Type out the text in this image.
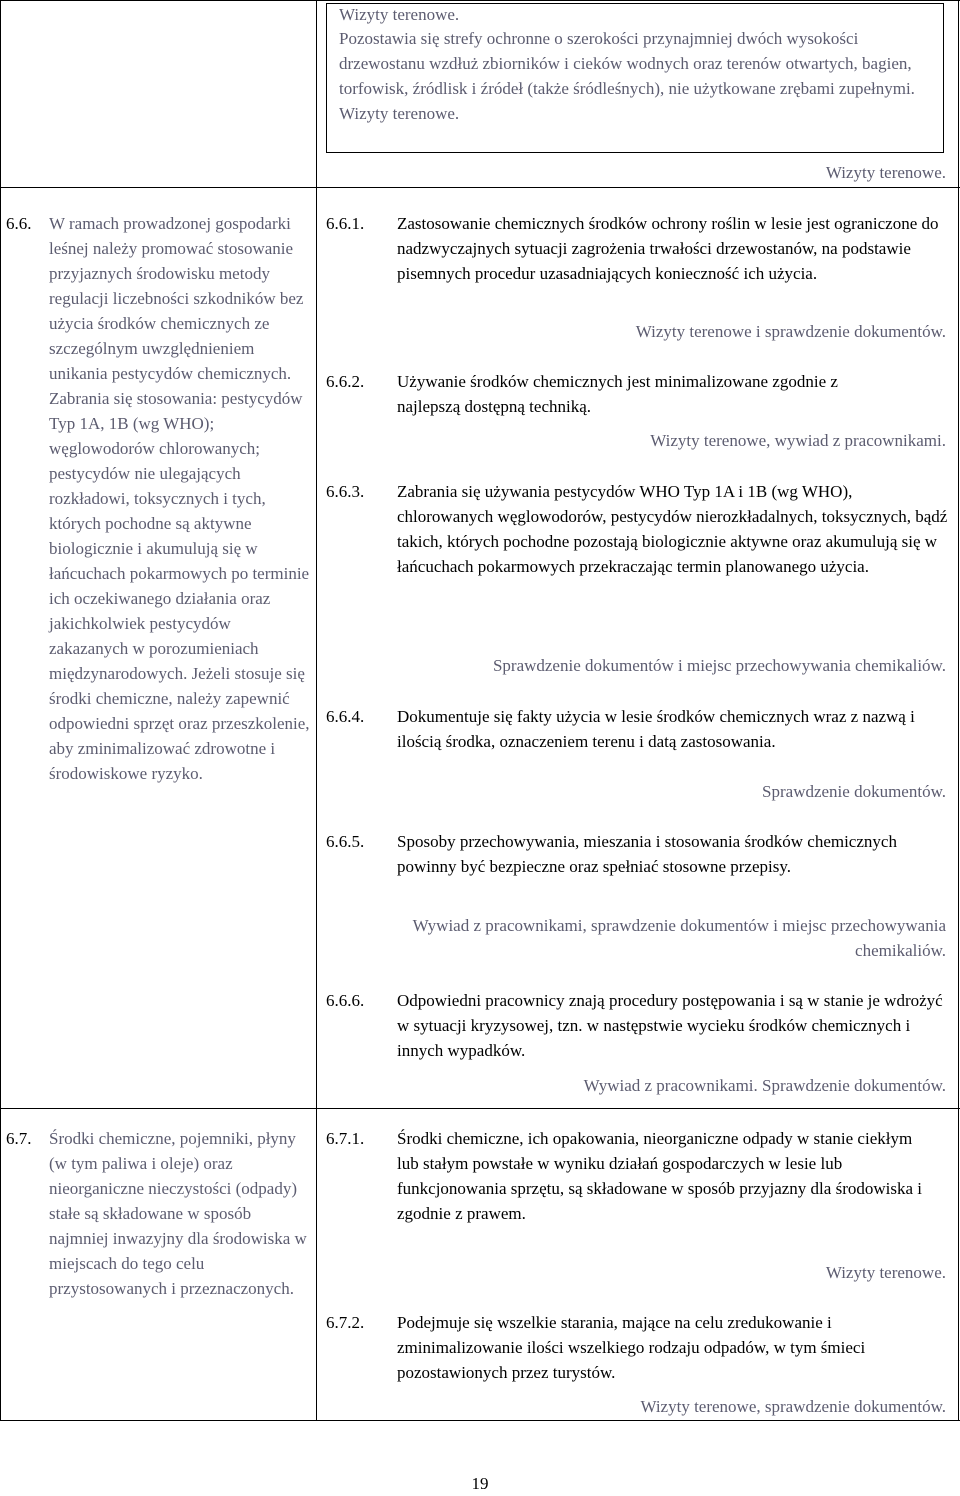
Wizyty terenowe.
Pozostawia się strefy ochronne o szerokości przynajmniej dwóch wysokości drzewostanu wzdłuż zbiorników i cieków wodnych oraz terenów otwartych, bagien, torfowisk, źródlisk i źródeł (także śródleśnych), nie użytkowane zrębami zupełnymi.
Wizyty terenowe.
Wizyty terenowe.
6.6.	W ramach prowadzonej gospodarki leśnej należy promować stosowanie przyjaznych środowisku metody regulacji liczebności szkodników bez użycia środków chemicznych ze szczególnym uwzględnieniem unikania pestycydów chemicznych. Zabrania się stosowania: pestycydów Typ 1A, 1B (wg WHO); węglowodorów chlorowanych; pestycydów nie ulegających rozkładowi, toksycznych i tych, których pochodne są aktywne biologicznie i akumulują się w łańcuchach pokarmowych po terminie ich oczekiwanego działania oraz jakichkolwiek pestycydów zakazanych w porozumieniach międzynarodowych. Jeżeli stosuje się środki chemiczne, należy zapewnić odpowiedni sprzęt oraz przeszkolenie, aby zminimalizować zdrowotne i środowiskowe ryzyko.
6.6.1.	Zastosowanie chemicznych środków ochrony roślin w lesie jest ograniczone do nadzwyczajnych sytuacji zagrożenia trwałości drzewostanów, na podstawie pisemnych procedur uzasadniających konieczność ich użycia.
Wizyty terenowe i sprawdzenie dokumentów.
6.6.2.	Używanie środków chemicznych jest minimalizowane zgodnie z najlepszą dostępną techniką.
Wizyty terenowe, wywiad z pracownikami.
6.6.3.	Zabrania się używania pestycydów WHO Typ 1A i 1B (wg WHO), chlorowanych węglowodorów, pestycydów nierozkładalnych, toksycznych, bądź takich, których pochodne pozostają biologicznie aktywne oraz akumulują się w łańcuchach pokarmowych przekraczając termin planowanego użycia.
Sprawdzenie dokumentów i miejsc przechowywania chemikaliów.
6.6.4.	Dokumentuje się fakty użycia w lesie środków chemicznych wraz z nazwą i ilością środka, oznaczeniem terenu i datą zastosowania.
Sprawdzenie dokumentów.
6.6.5.	Sposoby przechowywania, mieszania i stosowania środków chemicznych powinny być bezpieczne oraz spełniać stosowne przepisy.
Wywiad z pracownikami, sprawdzenie dokumentów i miejsc przechowywania chemikaliów.
6.6.6.	Odpowiedni pracownicy znają procedury postępowania i są w stanie je wdrożyć w sytuacji kryzysowej, tzn. w następstwie wycieku środków chemicznych i innych wypadków.
Wywiad z pracownikami. Sprawdzenie dokumentów.
6.7.	Środki chemiczne, pojemniki, płyny (w tym paliwa i oleje) oraz nieorganiczne nieczystości (odpady) stałe są składowane w sposób najmniej inwazyjny dla środowiska w miejscach do tego celu przystosowanych i przeznaczonych.
6.7.1.	Środki chemiczne, ich opakowania, nieorganiczne odpady w stanie ciekłym lub stałym powstałe w wyniku działań gospodarczych w lesie lub funkcjonowania sprzętu, są składowane w sposób przyjazny dla środowiska i zgodnie z prawem.
Wizyty terenowe.
6.7.2.	Podejmuje się wszelkie starania, mające na celu zredukowanie i zminimalizowanie ilości wszelkiego rodzaju odpadów, w tym śmieci pozostawionych przez turystów.
Wizyty terenowe, sprawdzenie dokumentów.
19
